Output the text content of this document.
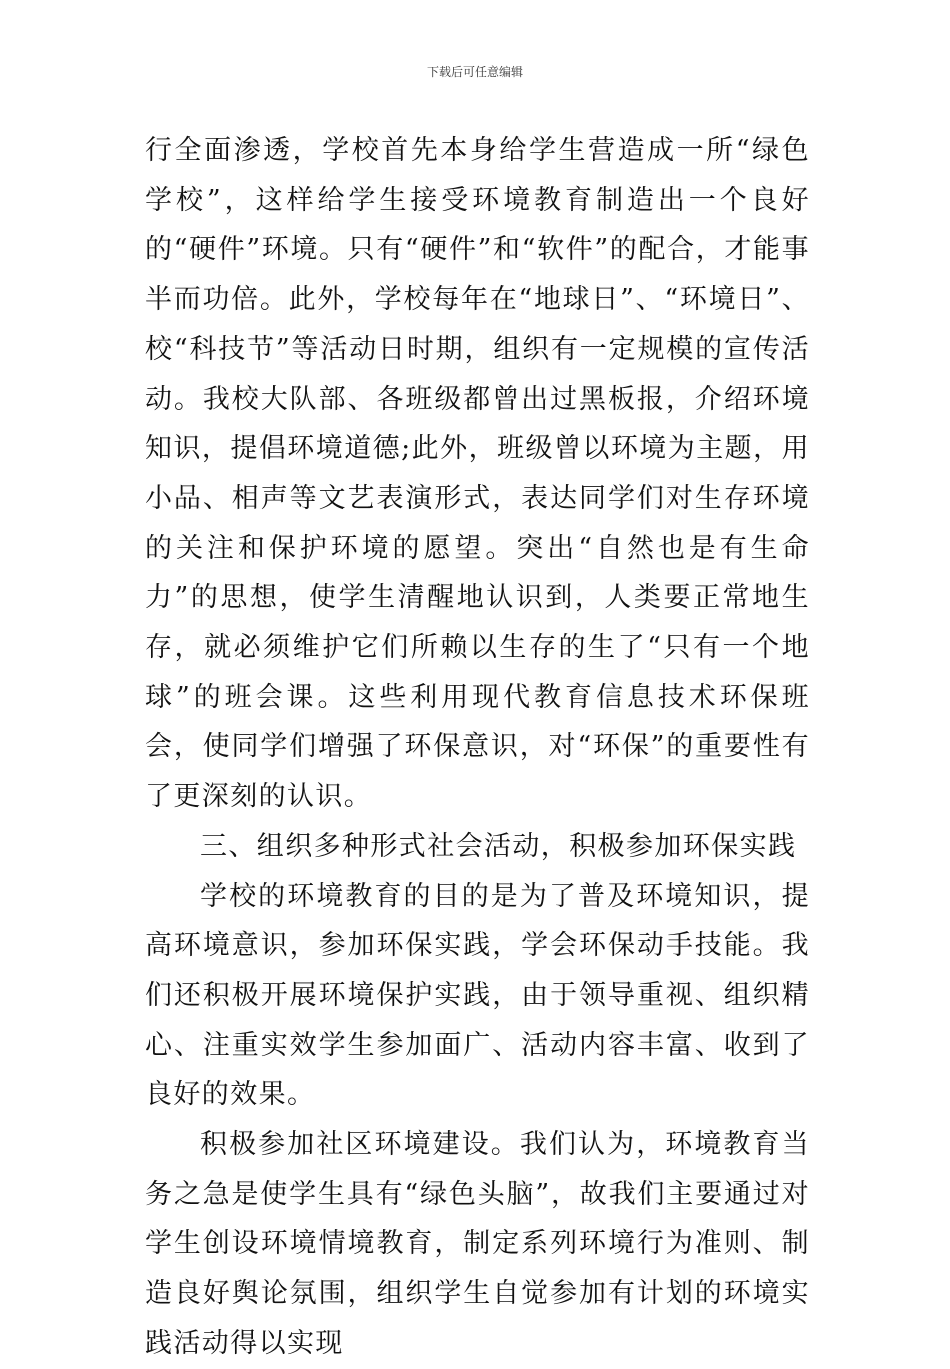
下载后可任意编辑

行全面渗透，学校首先本身给学生营造成一所“绿色学校”，这样给学生接受环境教育制造出一个良好的“硬件”环境。只有“硬件”和“软件”的配合，才能事半而功倍。此外，学校每年在“地球日”、“环境日”、校“科技节”等活动日时期，组织有一定规模的宣传活动。我校大队部、各班级都曾出过黑板报，介绍环境知识，提倡环境道德;此外，班级曾以环境为主题，用小品、相声等文艺表演形式，表达同学们对生存环境的关注和保护环境的愿望。突出“自然也是有生命力”的思想，使学生清醒地认识到，人类要正常地生存，就必须维护它们所赖以生存的生了“只有一个地球”的班会课。这些利用现代教育信息技术环保班会，使同学们增强了环保意识，对“环保”的重要性有了更深刻的认识。

三、组织多种形式社会活动，积极参加环保实践

学校的环境教育的目的是为了普及环境知识，提高环境意识，参加环保实践，学会环保动手技能。我们还积极开展环境保护实践，由于领导重视、组织精心、注重实效学生参加面广、活动内容丰富、收到了良好的效果。

积极参加社区环境建设。我们认为，环境教育当务之急是使学生具有“绿色头脑”，故我们主要通过对学生创设环境情境教育，制定系列环境行为准则、制造良好舆论氛围，组织学生自觉参加有计划的环境实践活动得以实现
